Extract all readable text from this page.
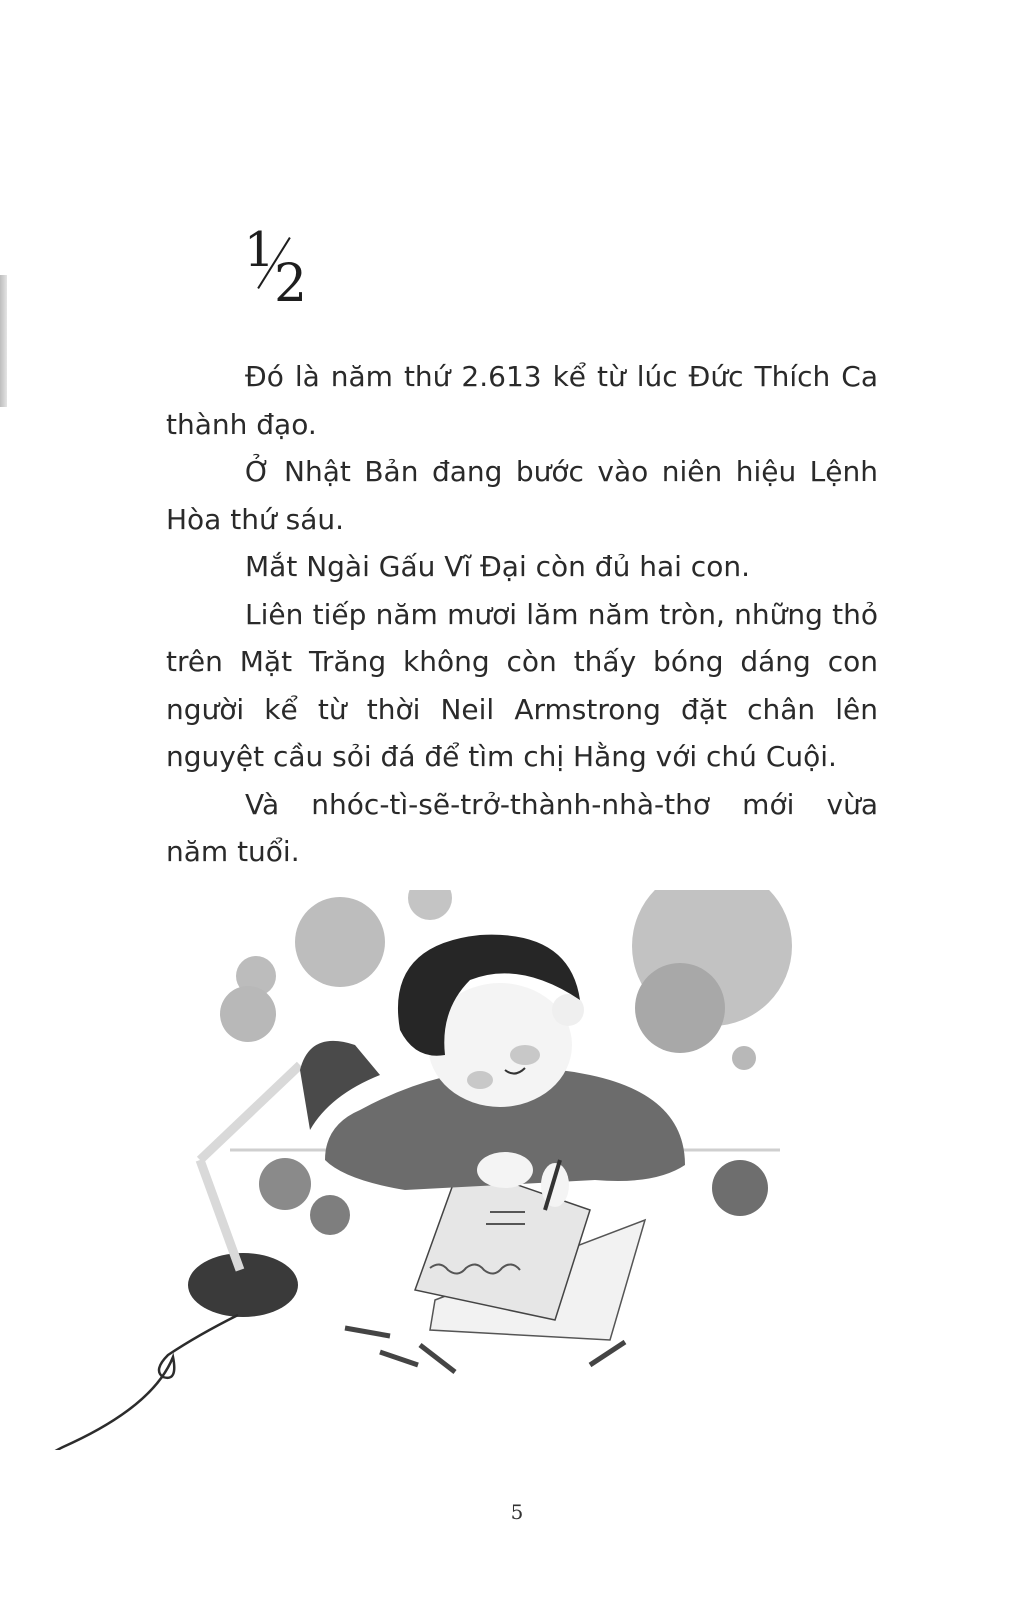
1
2

Đó là năm thứ 2.613 kể từ lúc Đức Thích Ca thành đạo.

Ở Nhật Bản đang bước vào niên hiệu Lệnh Hòa thứ sáu.

Mắt Ngài Gấu Vĩ Đại còn đủ hai con.

Liên tiếp năm mươi lăm năm tròn, những thỏ trên Mặt Trăng không còn thấy bóng dáng con người kể từ thời Neil Armstrong đặt chân lên nguyệt cầu sỏi đá để tìm chị Hằng với chú Cuội.

Và nhóc-tì-sẽ-trở-thành-nhà-thơ mới vừa năm tuổi.

5
